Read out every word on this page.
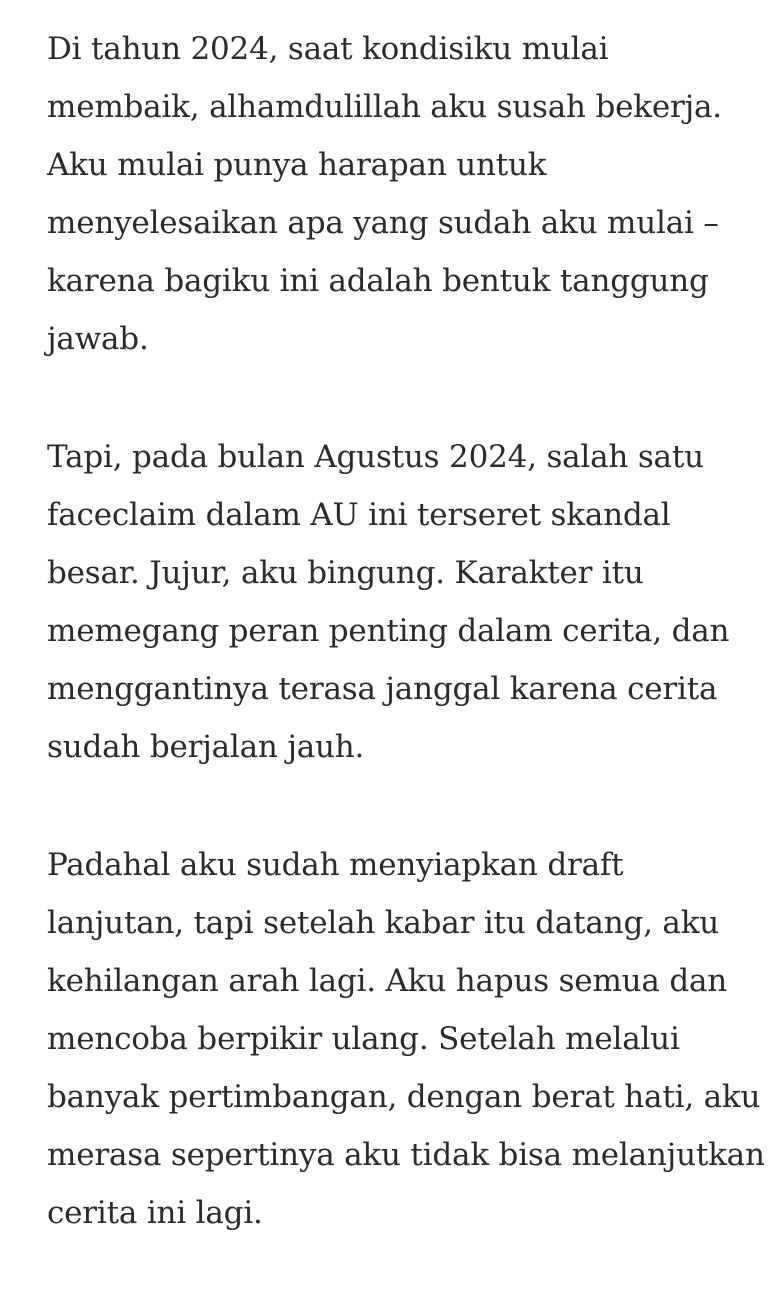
Di tahun 2024, saat kondisiku mulai
membaik, alhamdulillah aku susah bekerja.
Aku mulai punya harapan untuk
menyelesaikan apa yang sudah aku mulai –
karena bagiku ini adalah bentuk tanggung
jawab.

Tapi, pada bulan Agustus 2024, salah satu
faceclaim dalam AU ini terseret skandal
besar. Jujur, aku bingung. Karakter itu
memegang peran penting dalam cerita, dan
menggantinya terasa janggal karena cerita
sudah berjalan jauh.

Padahal aku sudah menyiapkan draft
lanjutan, tapi setelah kabar itu datang, aku
kehilangan arah lagi. Aku hapus semua dan
mencoba berpikir ulang. Setelah melalui
banyak pertimbangan, dengan berat hati, aku
merasa sepertinya aku tidak bisa melanjutkan
cerita ini lagi.
